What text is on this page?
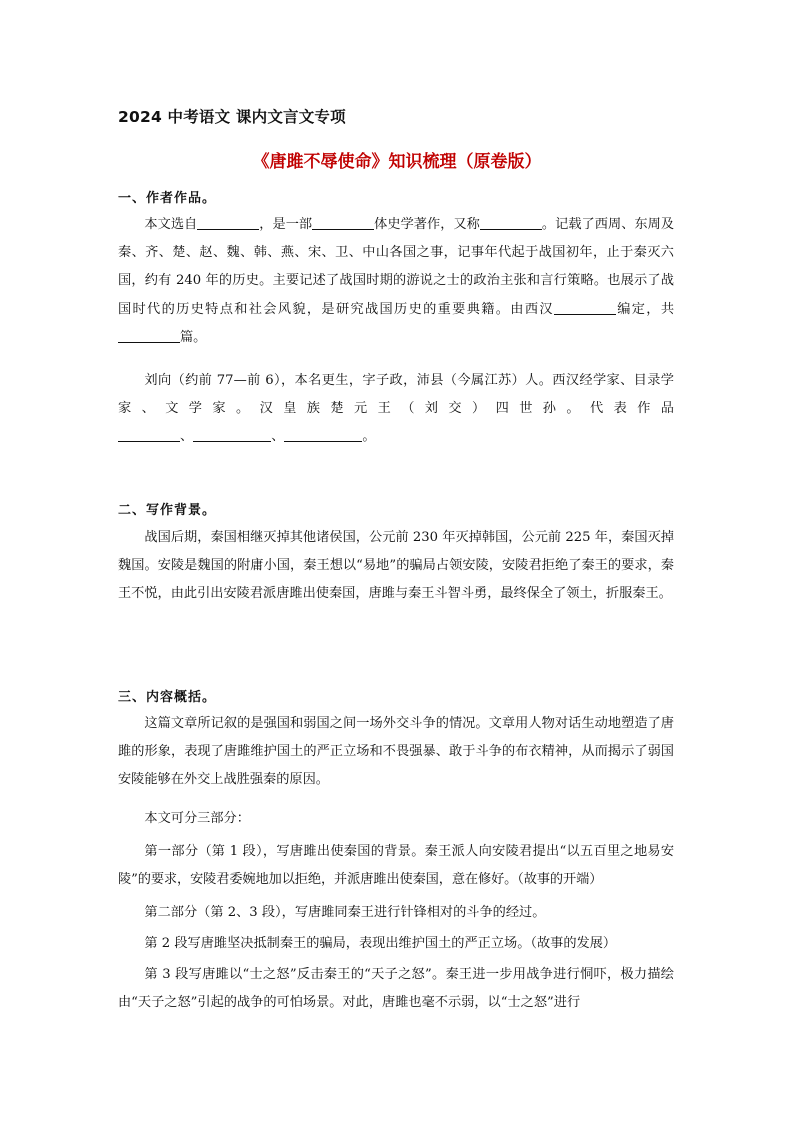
2024 中考语文 课内文言文专项
《唐雎不辱使命》知识梳理（原卷版）
一、作者作品。

本文选自	，是一部	体史学著作，又称	。记载了西周、东周及秦、齐、楚、赵、魏、韩、燕、宋、卫、中山各国之事，记事年代起于战国初年，止于秦灭六国，约有 240 年的历史。主要记述了战国时期的游说之士的政治主张和言行策略。也展示了战国时代的历史特点和社会风貌，是研究战国历史的重要典籍。由西汉	编定，共篇。

刘向（约前 77—前 6），本名更生，字子政，沛县（今属江苏）人。西汉经学家、目录学家、文学家。汉皇族楚元王（刘交）四世孙。代表作品

、	、	。

二、写作背景。

战国后期，秦国相继灭掉其他诸侯国，公元前 230 年灭掉韩国，公元前 225 年，秦国灭掉魏国。安陵是魏国的附庸小国，秦王想以“易地”的骗局占领安陵，安陵君拒绝了秦王的要求，秦王不悦，由此引出安陵君派唐雎出使秦国，唐雎与秦王斗智斗勇，最终保全了领土，折服秦王。

三、内容概括。

这篇文章所记叙的是强国和弱国之间一场外交斗争的情况。文章用人物对话生动地塑造了唐雎的形象，表现了唐雎维护国土的严正立场和不畏强暴、敢于斗争的布衣精神，从而揭示了弱国安陵能够在外交上战胜强秦的原因。

本文可分三部分：

第一部分（第 1 段），写唐雎出使秦国的背景。秦王派人向安陵君提出“以五百里之地易安陵”的要求，安陵君委婉地加以拒绝，并派唐雎出使秦国，意在修好。（故事的开端）

第二部分（第 2、3 段），写唐雎同秦王进行针锋相对的斗争的经过。

第 2 段写唐雎坚决抵制秦王的骗局，表现出维护国土的严正立场。（故事的发展）

第 3 段写唐雎以“士之怒”反击秦王的“天子之怒”。秦王进一步用战争进行恫吓，极力描绘由“天子之怒”引起的战争的可怕场景。对此，唐雎也毫不示弱，以“士之怒”进行
